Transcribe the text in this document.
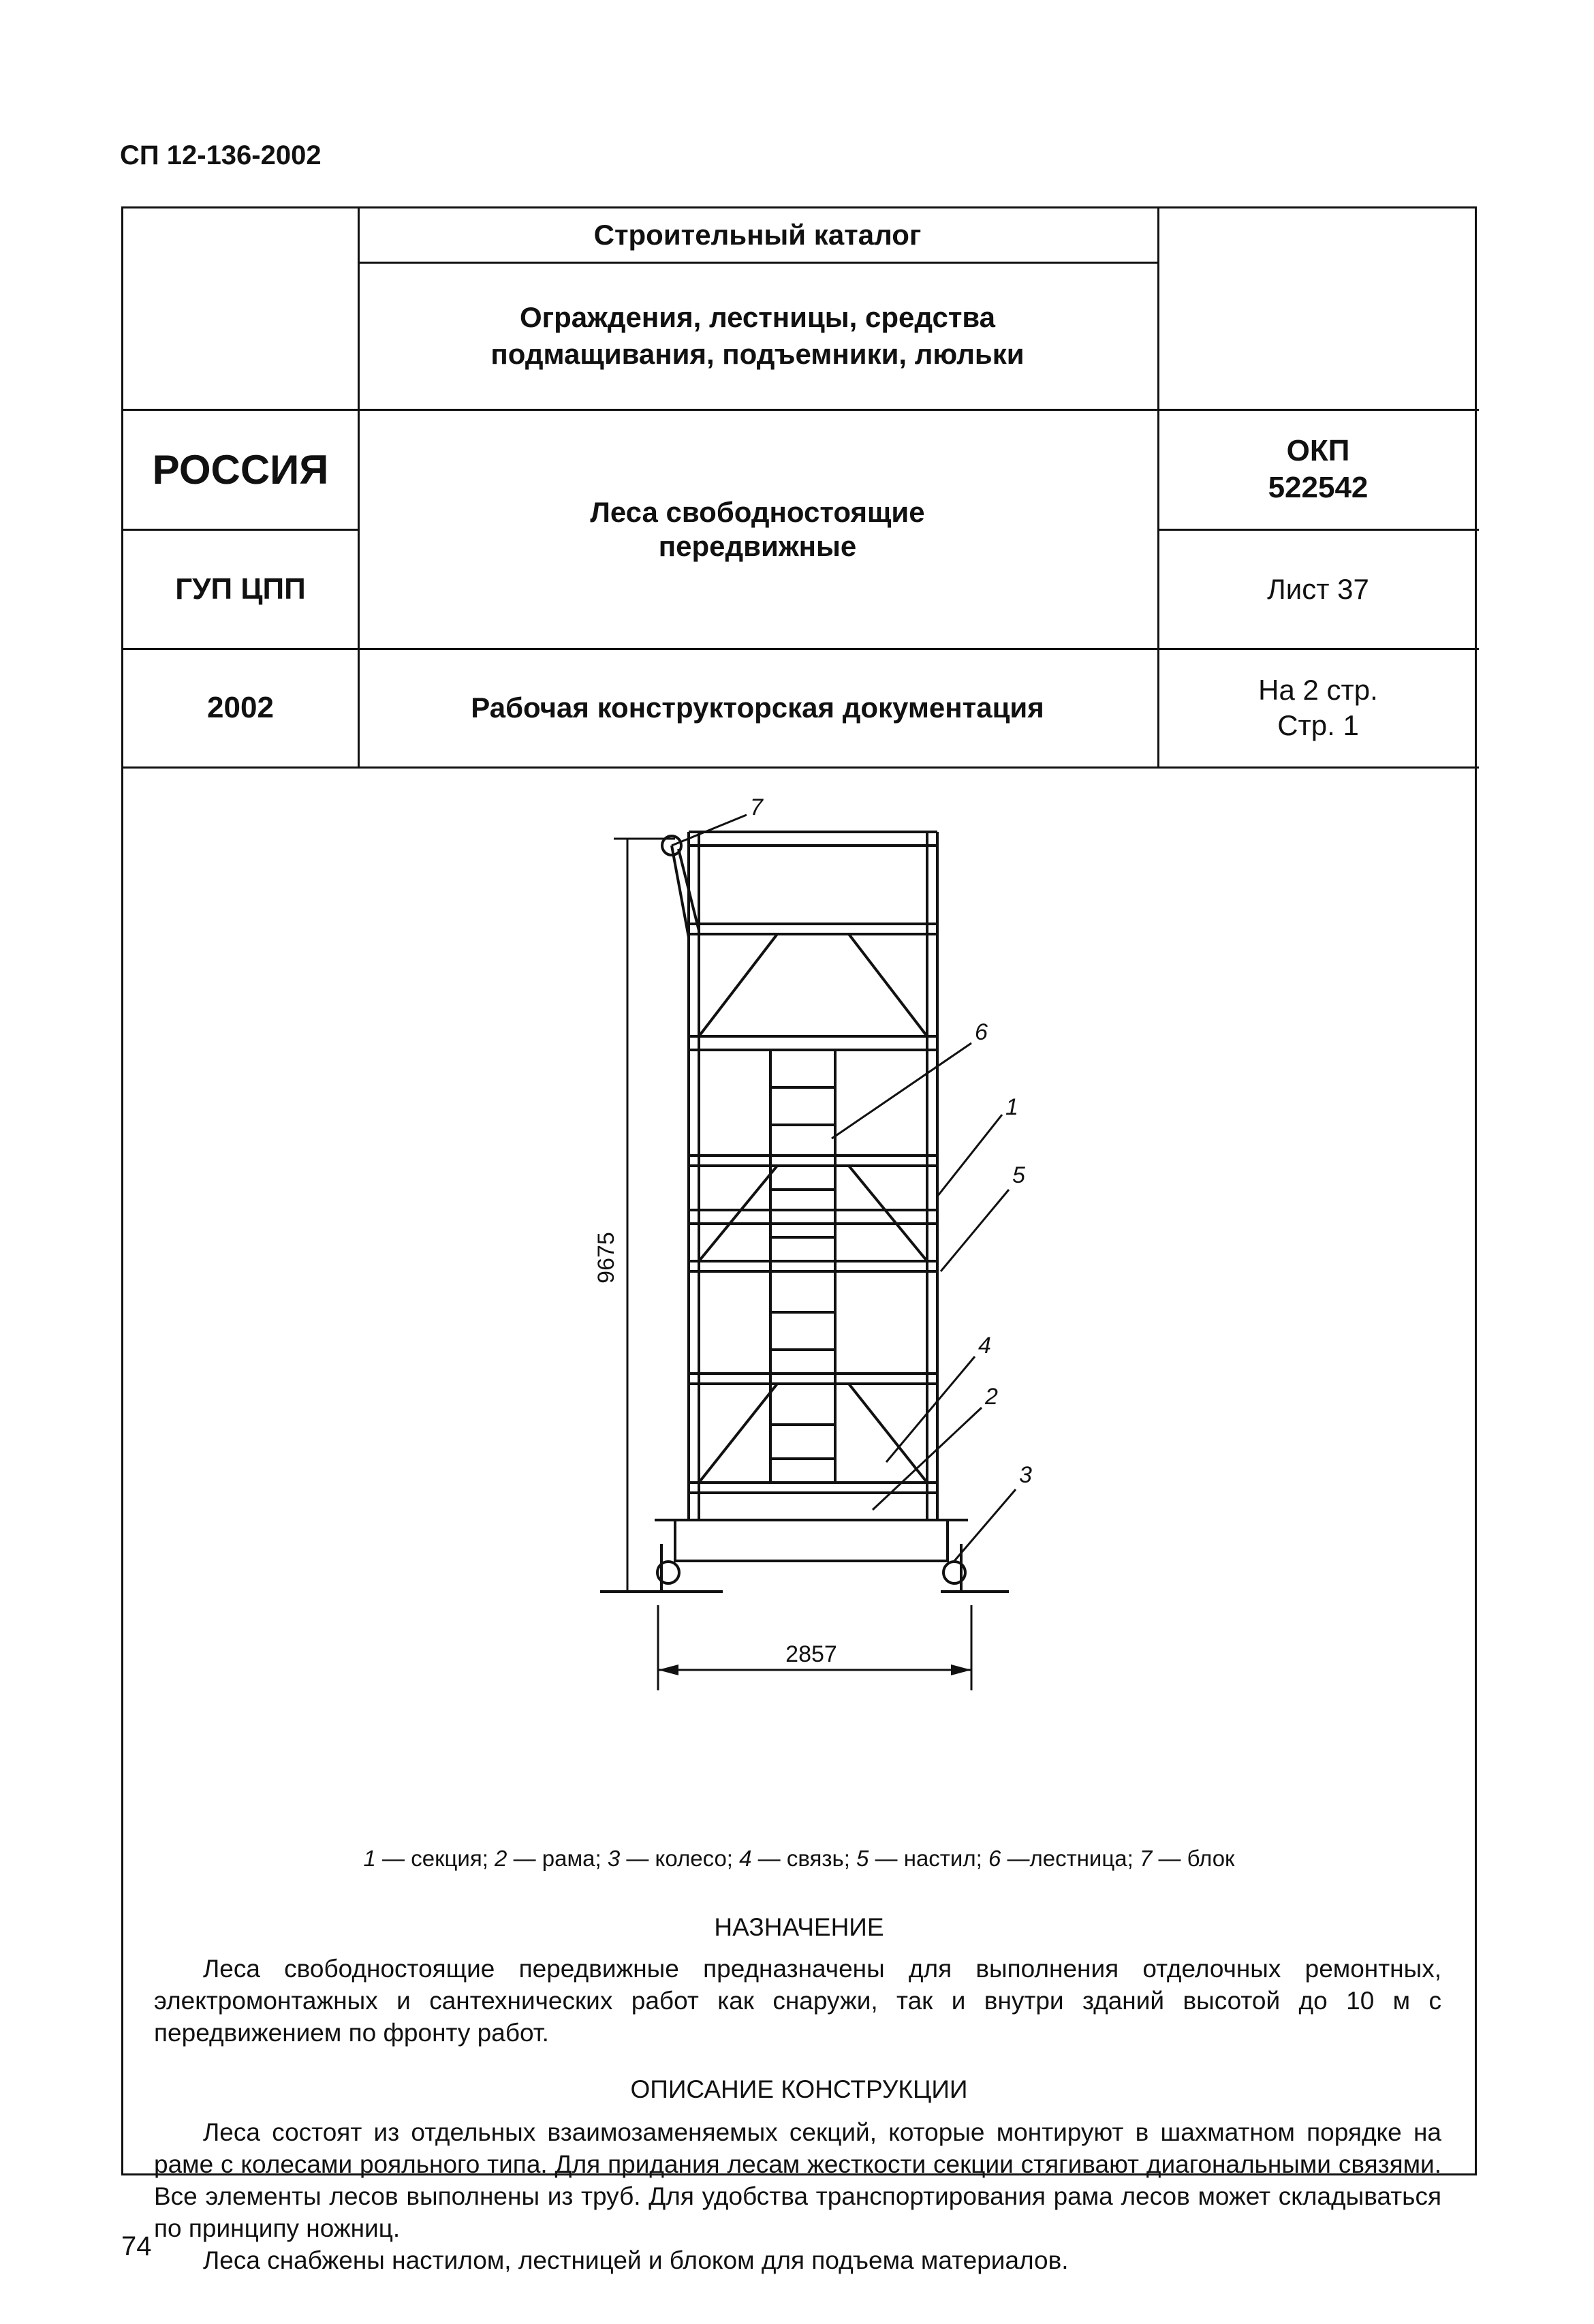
СП 12-136-2002
Строительный каталог
Ограждения, лестницы, средства
подмащивания, подъемники, люльки
РОССИЯ
ГУП ЦПП
2002
Леса свободностоящие
передвижные
Рабочая конструкторская документация
ОКП
522542
Лист 37
На 2 стр.
Стр. 1
9675
2857
7
6
1
5
4
2
3
1 — секция; 2 — рама; 3 — колесо; 4 — связь; 5 — настил; 6 —лестница; 7 — блок
НАЗНАЧЕНИЕ
Леса свободностоящие передвижные предназначены для выполнения отделочных ремонтных, электромонтажных и сантехнических работ как снаружи, так и внутри зданий высотой до 10 м с передвижением по фронту работ.
ОПИСАНИЕ КОНСТРУКЦИИ
Леса состоят из отдельных взаимозаменяемых секций, которые монтируют в шахматном порядке на раме с колесами рояльного типа. Для придания лесам жесткости секции стягивают диагональными связями. Все элементы лесов выполнены из труб. Для удобства транспортирования рама лесов может складываться по принципу ножниц.
Леса снабжены настилом, лестницей и блоком для подъема материалов.
74
